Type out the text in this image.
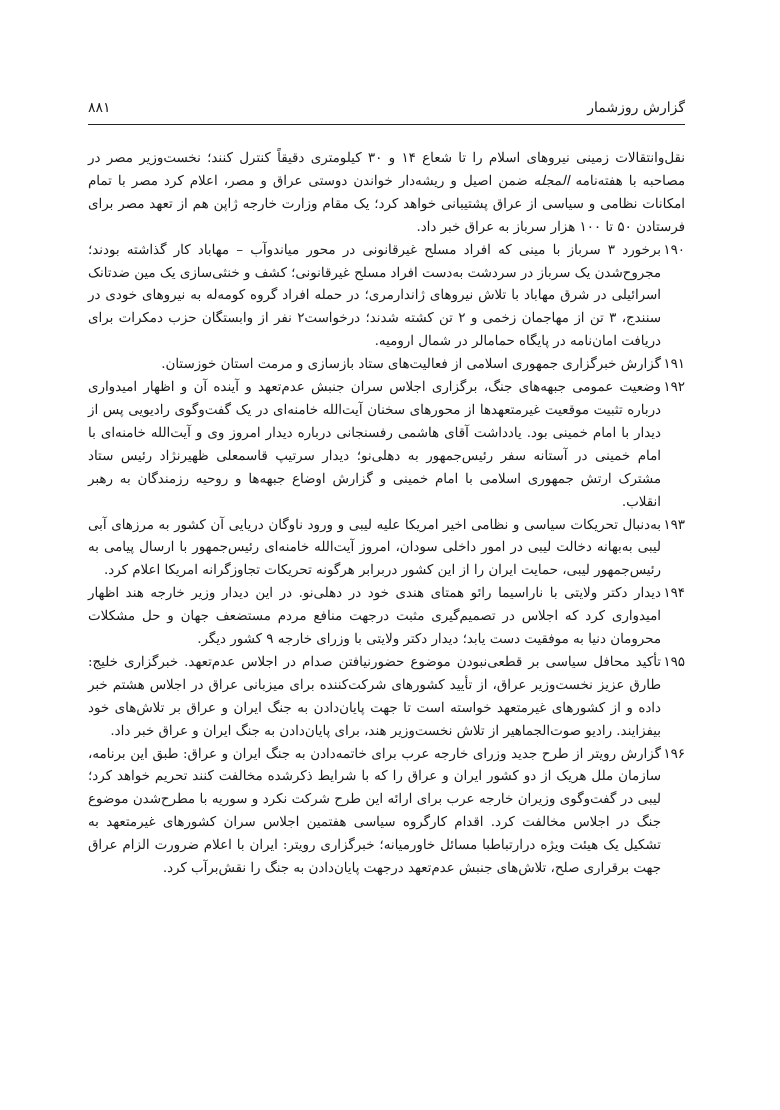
گزارش روزشمار
۸۸۱

نقل‌وانتقالات زمینی نیروهای اسلام را تا شعاع ۱۴ و ۳۰ کیلومتری دقیقاً کنترل کنند؛ نخست‌وزیر مصر در مصاحبه با هفته‌نامه المجله ضمن اصیل و ریشه‌دار خواندن دوستی عراق و مصر، اعلام کرد مصر با تمام امکانات نظامی و سیاسی از عراق پشتیبانی خواهد کرد؛ یک مقام وزارت خارجه ژاپن هم از تعهد مصر برای فرستادن ۵۰ تا ۱۰۰ هزار سرباز به عراق خبر داد.

۱۹۰
برخورد ۳ سرباز با مینی که افراد مسلح غیرقانونی در محور میاندوآب – مهاباد کار گذاشته بودند؛ مجروح‌شدن یک سرباز در سردشت به‌دست افراد مسلح غیرقانونی؛ کشف و خنثی‌سازی یک مین ضدتانک اسرائیلی در شرق مهاباد با تلاش نیروهای ژاندارمری؛ در حمله افراد گروه کومه‌له به نیروهای خودی در سنندج، ۳ تن از مهاجمان زخمی و ۲ تن کشته شدند؛ درخواست۲ نفر از وابستگان حزب دمکرات برای دریافت امان‌نامه در پایگاه حمامالر در شمال ارومیه.
۱۹۱
گزارش خبرگزاری جمهوری اسلامی از فعالیت‌های ستاد بازسازی و مرمت استان خوزستان.
۱۹۲
وضعیت عمومی جبهه‌های جنگ، برگزاری اجلاس سران جنبش عدم‌تعهد و آینده آن و اظهار امیدواری درباره تثبیت موقعیت غیرمتعهدها از محورهای سخنان آیت‌الله خامنه‌ای در یک گفت‌وگوی رادیویی پس از دیدار با امام خمینی بود. یادداشت آقای هاشمی رفسنجانی درباره دیدار امروز وی و آیت‌الله خامنه‌ای با امام خمینی در آستانه سفر رئیس‌جمهور به دهلی‌نو؛ دیدار سرتیپ قاسمعلی ظهیرنژاد رئیس ستاد مشترک ارتش جمهوری اسلامی با امام خمینی و گزارش اوضاع جبهه‌ها و روحیه رزمندگان به رهبر انقلاب.
۱۹۳
به‌دنبال تحریکات سیاسی و نظامی اخیر امریکا علیه لیبی و ورود ناوگان دریایی آن کشور به مرزهای آبی لیبی به‌بهانه دخالت لیبی در امور داخلی سودان، امروز آیت‌الله خامنه‌ای رئیس‌جمهور با ارسال پیامی به رئیس‌جمهور لیبی، حمایت ایران را از این کشور دربرابر هرگونه تحریکات تجاوزگرانه امریکا اعلام کرد.
۱۹۴
دیدار دکتر ولایتی با ناراسیما رائو همتای هندی خود در دهلی‌نو. در این دیدار وزیر خارجه هند اظهار امیدواری کرد که اجلاس در تصمیم‌گیری مثبت درجهت منافع مردم مستضعف جهان و حل مشکلات محرومان دنیا به موفقیت دست یابد؛ دیدار دکتر ولایتی با وزرای خارجه ۹ کشور دیگر.
۱۹۵
تأکید محافل سیاسی بر قطعی‌نبودن موضوع حضورنیافتن صدام در اجلاس عدم‌تعهد. خبرگزاری خلیج: طارق عزیز نخست‌وزیر عراق، از تأیید کشورهای شرکت‌کننده برای میزبانی عراق در اجلاس هشتم خبر داده و از کشورهای غیرمتعهد خواسته است تا جهت پایان‌دادن به جنگ ایران و عراق بر تلاش‌های خود بیفزایند. رادیو صوت‌الجماهیر از تلاش نخست‌وزیر هند، برای پایان‌دادن به جنگ ایران و عراق خبر داد.
۱۹۶
گزارش رویتر از طرح جدید وزرای خارجه عرب برای خاتمه‌دادن به جنگ ایران و عراق: طبق این برنامه، سازمان ملل هریک از دو کشور ایران و عراق را که با شرایط ذکرشده مخالفت کنند تحریم خواهد کرد؛ لیبی در گفت‌وگوی وزیران خارجه عرب برای ارائه این طرح شرکت نکرد و سوریه با مطرح‌شدن موضوع جنگ در اجلاس مخالفت کرد. اقدام کارگروه سیاسی هفتمین اجلاس سران کشورهای غیرمتعهد به تشکیل یک هیئت ویژه درارتباطبا مسائل خاورمیانه؛ خبرگزاری رویتر: ایران با اعلام ضرورت الزام عراق جهت برقراری صلح، تلاش‌های جنبش عدم‌تعهد درجهت پایان‌دادن به جنگ را نقش‌برآب کرد.
